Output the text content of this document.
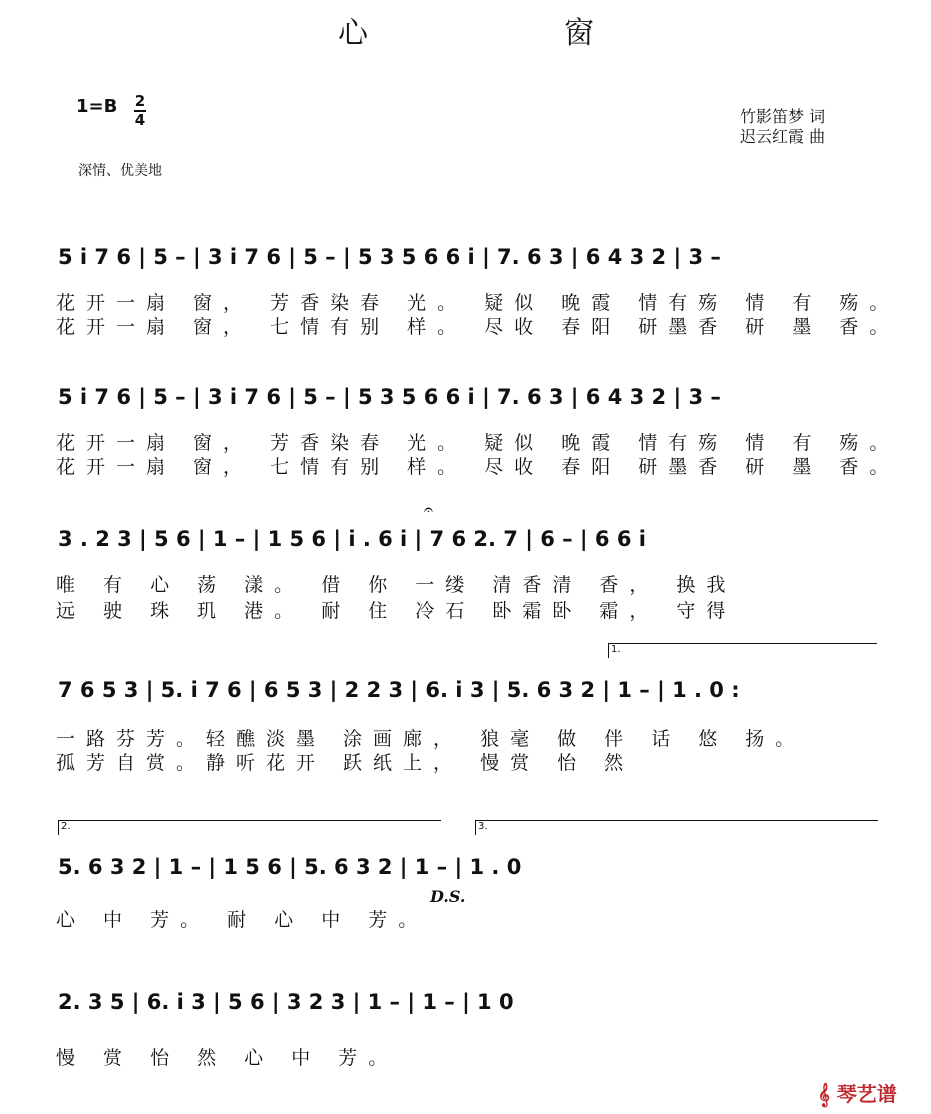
心	窗
1=B 2
4
深情、优美地
竹影笛梦 词
迟云红霞 曲
5 i 7 6 | 5 – | 3 i 7 6 | 5 – | 5 3 5 6 6 i | 7. 6 3 | 6 4 3 2 | 3 –
花开一扇 窗， 芳香染春 光。 疑似 晚霞 情有殇 情 有 殇。
花开一扇 窗， 七情有别 样。 尽收 春阳 研墨香 研 墨 香。
5 i 7 6 | 5 – | 3 i 7 6 | 5 – | 5 3 5 6 6 i | 7. 6 3 | 6 4 3 2 | 3 –
花开一扇 窗， 芳香染春 光。 疑似 晚霞 情有殇 情 有 殇。
花开一扇 窗， 七情有别 样。 尽收 春阳 研墨香 研 墨 香。
𝄐
3 . 2 3 | 5 6 | 1 – | 1 5 6 | i . 6 i | 7 6 2. 7 | 6 – | 6 6 i
唯 有 心 荡 漾。 借 你 一缕 清香清 香， 换我
远 驶 珠 玑 港。 耐 住 冷石 卧霜卧 霜， 守得
1.
7 6 5 3 | 5. i 7 6 | 6 5 3 | 2 2 3 | 6. i 3 | 5. 6 3 2 | 1 – | 1 . 0 :
一路芬芳。轻醮淡墨 涂画廊， 狼毫 做 伴 话 悠 扬。
孤芳自赏。静听花开 跃纸上， 慢赏 怡 然
2.	3.
5. 6 3 2 | 1 – | 1 5 6 | 5. 6 3 2 | 1 – | 1 . 0
D.S.
心 中 芳。 耐 心 中 芳。
2. 3 5 | 6. i 3 | 5 6 | 3 2 3 | 1 – | 1 – | 1 0
慢 赏 怡 然 心 中 芳。
𝄞 琴艺谱
